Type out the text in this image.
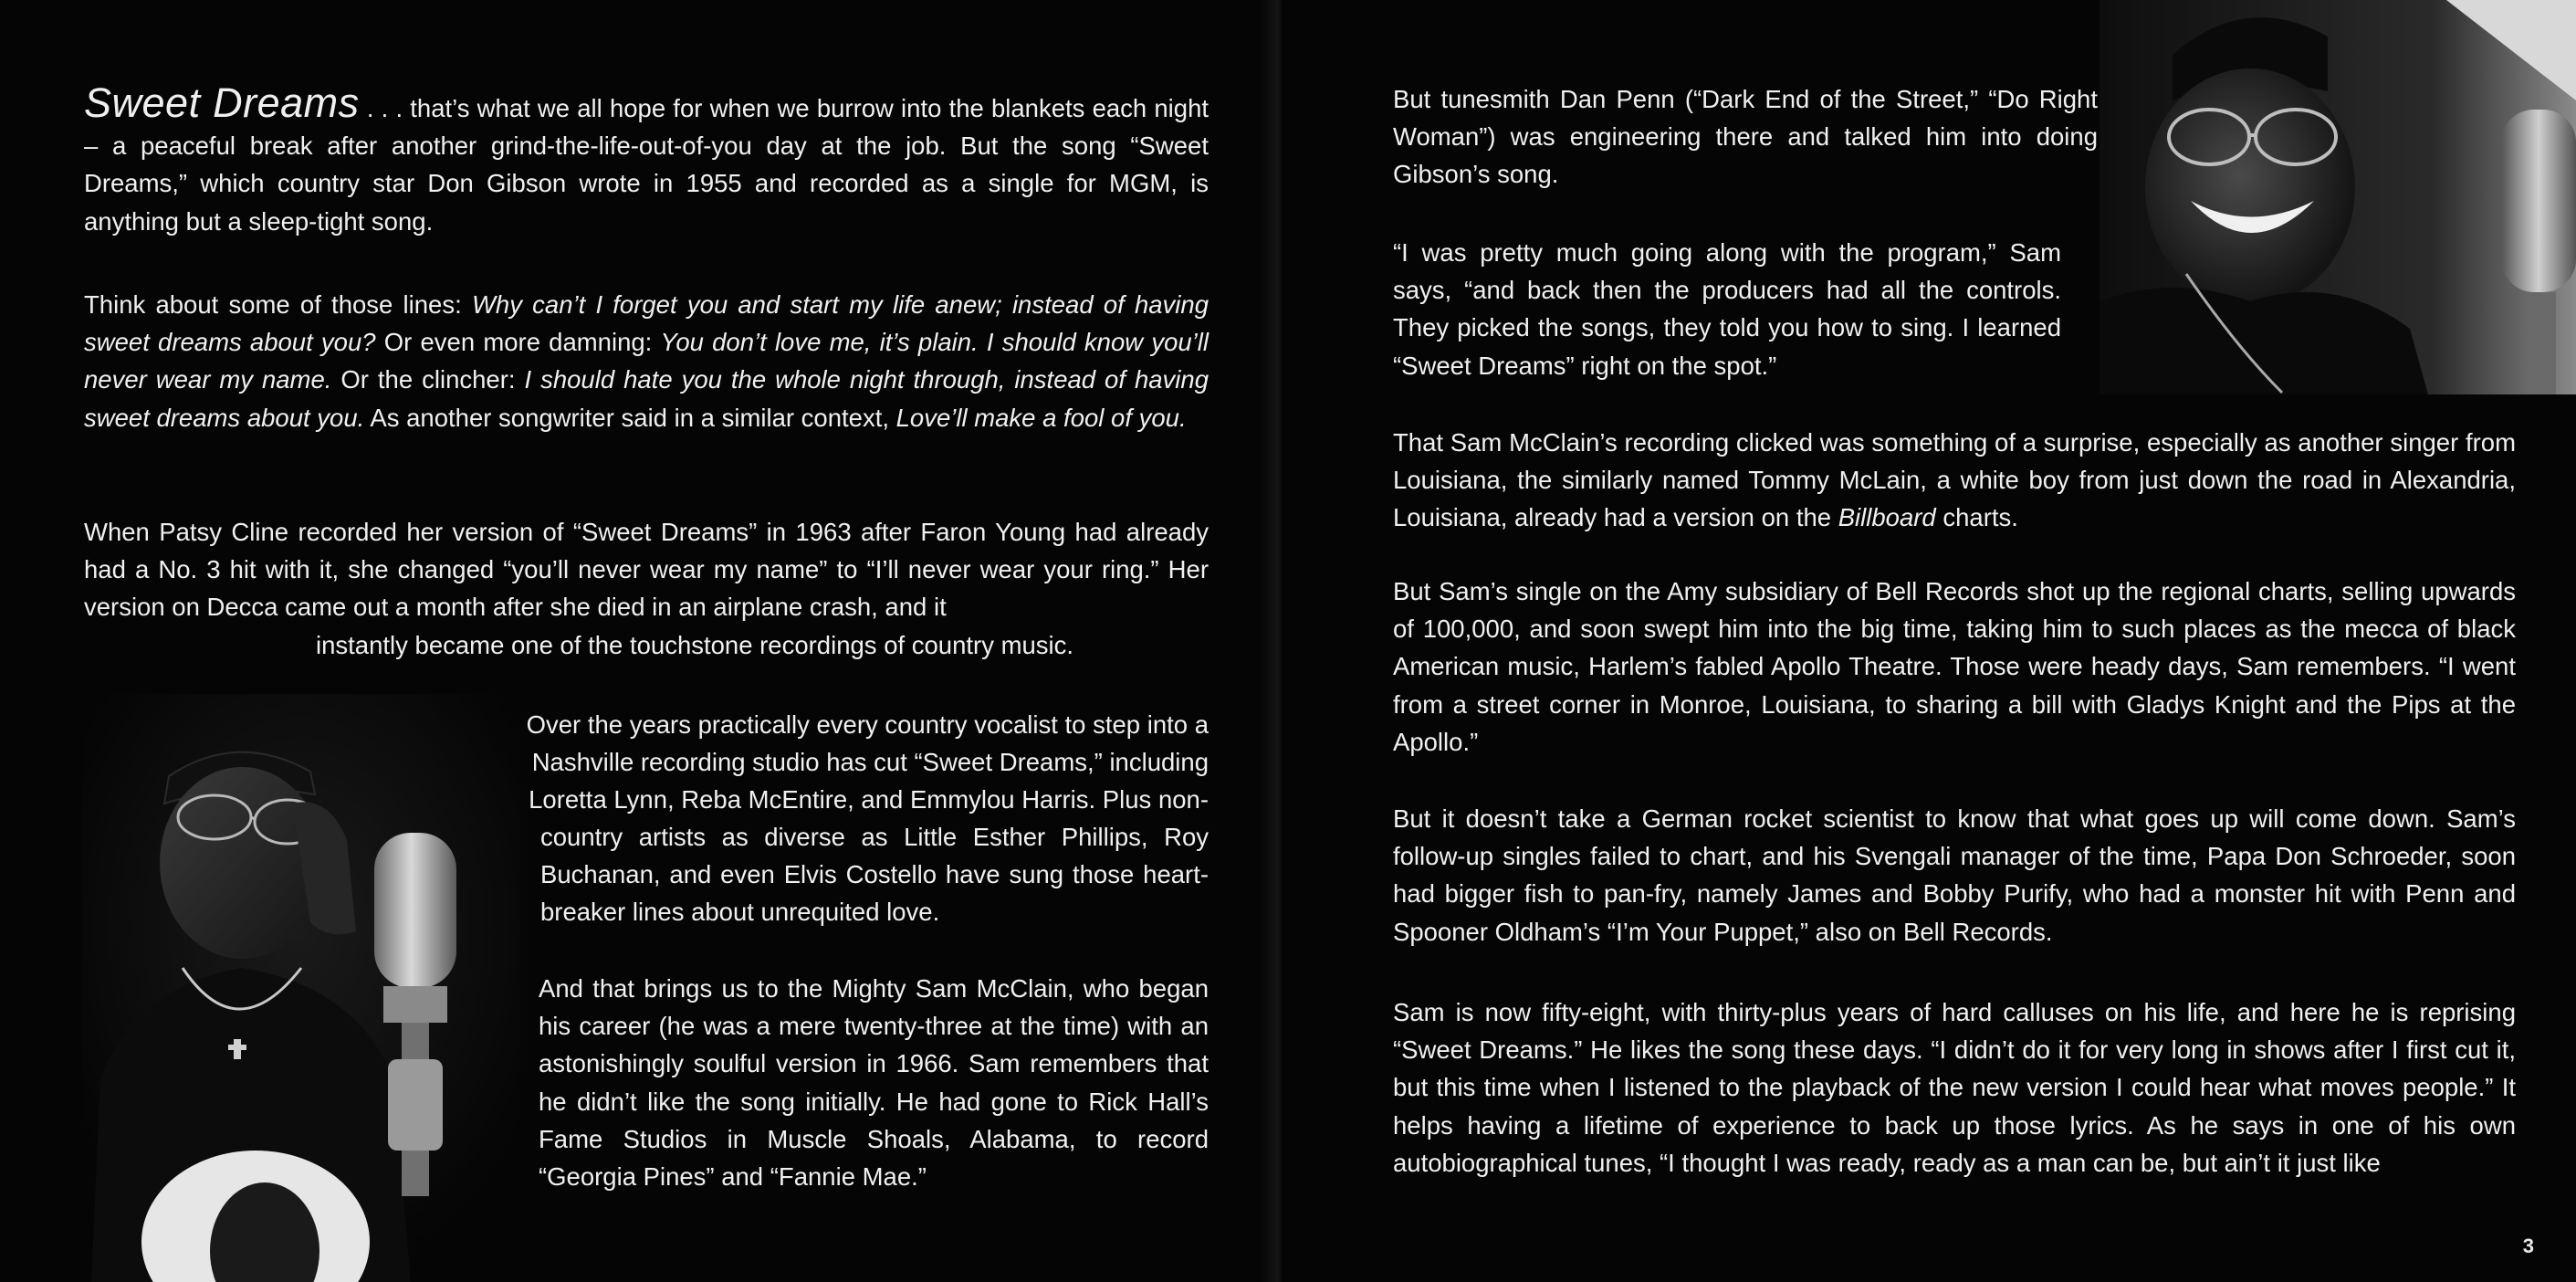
Sweet Dreams . . . that’s what we all hope for when we burrow into the blankets each night – a peaceful break after another grind-the-life-out-of-you day at the job. But the song “Sweet Dreams,” which country star Don Gibson wrote in 1955 and recorded as a single for MGM, is anything but a sleep-tight song.
Think about some of those lines: Why can’t I forget you and start my life anew; instead of having sweet dreams about you? Or even more damning: You don’t love me, it’s plain. I should know you’ll never wear my name. Or the clincher: I should hate you the whole night through, instead of having sweet dreams about you. As another songwriter said in a similar context, Love’ll make a fool of you.
When Patsy Cline recorded her version of “Sweet Dreams” in 1963 after Faron Young had already had a No. 3 hit with it, she changed “you’ll never wear my name” to “I’ll never wear your ring.” Her version on Decca came out a month after she died in an airplane crash, and it
instantly became one of the touchstone recordings of country music.
Over the years practically every country vocalist to step into a
Nashville recording studio has cut “Sweet Dreams,” including
Loretta Lynn, Reba McEntire, and Emmylou Harris. Plus non-
country artists as diverse as Little Esther Phillips, Roy Buchanan, and even Elvis Costello have sung those heart-breaker lines about unrequited love.
And that brings us to the Mighty Sam McClain, who began his career (he was a mere twenty-three at the time) with an astonishingly soulful version in 1966. Sam remembers that he didn’t like the song initially. He had gone to Rick Hall’s Fame Studios in Muscle Shoals, Alabama, to record “Georgia Pines” and “Fannie Mae.”
But tunesmith Dan Penn (“Dark End of the Street,” “Do Right Woman”) was engineering there and talked him into doing Gibson’s song.
“I was pretty much going along with the program,” Sam says, “and back then the producers had all the controls. They picked the songs, they told you how to sing. I learned “Sweet Dreams” right on the spot.”
That Sam McClain’s recording clicked was something of a surprise, especially as another singer from Louisiana, the similarly named Tommy McLain, a white boy from just down the road in Alexandria, Louisiana, already had a version on the Billboard charts.
But Sam’s single on the Amy subsidiary of Bell Records shot up the regional charts, selling upwards of 100,000, and soon swept him into the big time, taking him to such places as the mecca of black American music, Harlem’s fabled Apollo Theatre. Those were heady days, Sam remembers. “I went from a street corner in Monroe, Louisiana, to sharing a bill with Gladys Knight and the Pips at the Apollo.”
But it doesn’t take a German rocket scientist to know that what goes up will come down. Sam’s follow-up singles failed to chart, and his Svengali manager of the time, Papa Don Schroeder, soon had bigger fish to pan-fry, namely James and Bobby Purify, who had a monster hit with Penn and Spooner Oldham’s “I’m Your Puppet,” also on Bell Records.
Sam is now fifty-eight, with thirty-plus years of hard calluses on his life, and here he is reprising “Sweet Dreams.” He likes the song these days. “I didn’t do it for very long in shows after I first cut it, but this time when I listened to the playback of the new version I could hear what moves people.” It helps having a lifetime of experience to back up those lyrics. As he says in one of his own autobiographical tunes, “I thought I was ready, ready as a man can be, but ain’t it just like
3
